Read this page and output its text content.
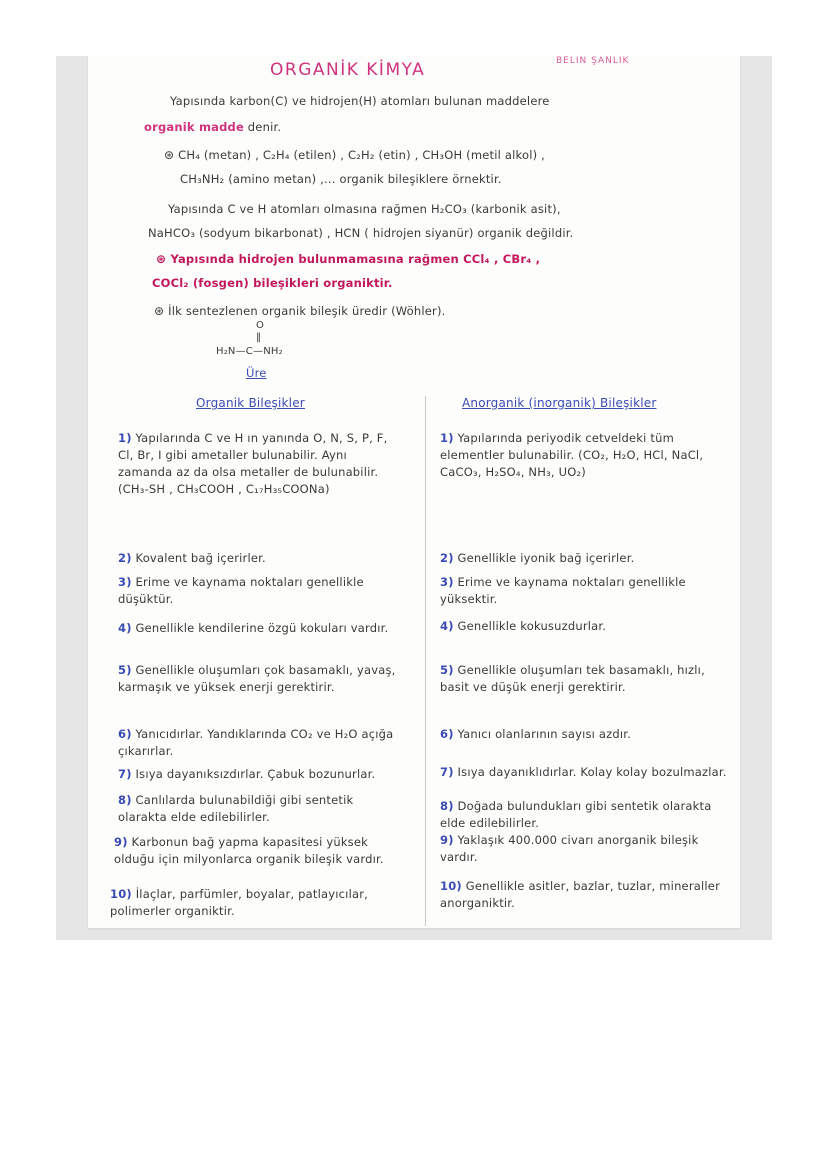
ORGANİK KİMYA	BELİN ŞANLIK
Yapısında karbon(C) ve hidrojen(H) atomları bulunan maddelere
organik madde denir.
⊛ CH₄ (metan) , C₂H₄ (etilen) , C₂H₂ (etin) , CH₃OH (metil alkol) ,
CH₃NH₂ (amino metan) ,... organik bileşiklere örnektir.
Yapısında C ve H atomları olmasına rağmen H₂CO₃ (karbonik asit),
NaHCO₃ (sodyum bikarbonat) , HCN ( hidrojen siyanür) organik değildir.
⊛ Yapısında hidrojen bulunmamasına rağmen CCl₄ , CBr₄ ,
COCl₂ (fosgen) bileşikleri organiktir.
⊛ İlk sentezlenen organik bileşik üredir (Wöhler).
O
‖
H₂N—C—NH₂
Üre
Organik Bileşikler	Anorganik (inorganik) Bileşikler
1) Yapılarında C ve H ın yanında O, N, S, P, F, Cl, Br, I gibi ametaller bulunabilir. Aynı zamanda az da olsa metaller de bulunabilir. (CH₃-SH , CH₃COOH , C₁₇H₃₅COONa)
2) Kovalent bağ içerirler.
3) Erime ve kaynama noktaları genellikle düşüktür.
4) Genellikle kendilerine özgü kokuları vardır.
5) Genellikle oluşumları çok basamaklı, yavaş, karmaşık ve yüksek enerji gerektirir.
6) Yanıcıdırlar. Yandıklarında CO₂ ve H₂O açığa çıkarırlar.
7) Isıya dayanıksızdırlar. Çabuk bozunurlar.
8) Canlılarda bulunabildiği gibi sentetik olarakta elde edilebilirler.
9) Karbonun bağ yapma kapasitesi yüksek olduğu için milyonlarca organik bileşik vardır.
10) İlaçlar, parfümler, boyalar, patlayıcılar, polimerler organiktir.
1) Yapılarında periyodik cetveldeki tüm elementler bulunabilir. (CO₂, H₂O, HCl, NaCl, CaCO₃, H₂SO₄, NH₃, UO₂)
2) Genellikle iyonik bağ içerirler.
3) Erime ve kaynama noktaları genellikle yüksektir.
4) Genellikle kokusuzdurlar.
5) Genellikle oluşumları tek basamaklı, hızlı, basit ve düşük enerji gerektirir.
6) Yanıcı olanlarının sayısı azdır.
7) Isıya dayanıklıdırlar. Kolay kolay bozulmazlar.
8) Doğada bulundukları gibi sentetik olarakta elde edilebilirler.
9) Yaklaşık 400.000 civarı anorganik bileşik vardır.
10) Genellikle asitler, bazlar, tuzlar, mineraller anorganiktir.
